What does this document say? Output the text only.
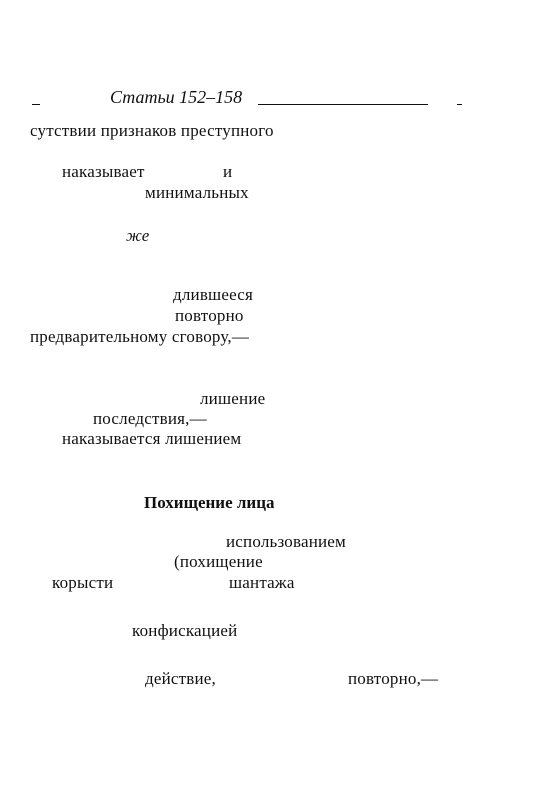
Статьи 152–158
сутствии признаков преступного
наказывает	и
минимальных
же
длившееся
повторно
предварительному сговору,—
лишение
последствия,—
наказывается лишением
Похищение лица
использованием
(похищение
корысти	шантажа
конфискацией
действие,	повторно,—
